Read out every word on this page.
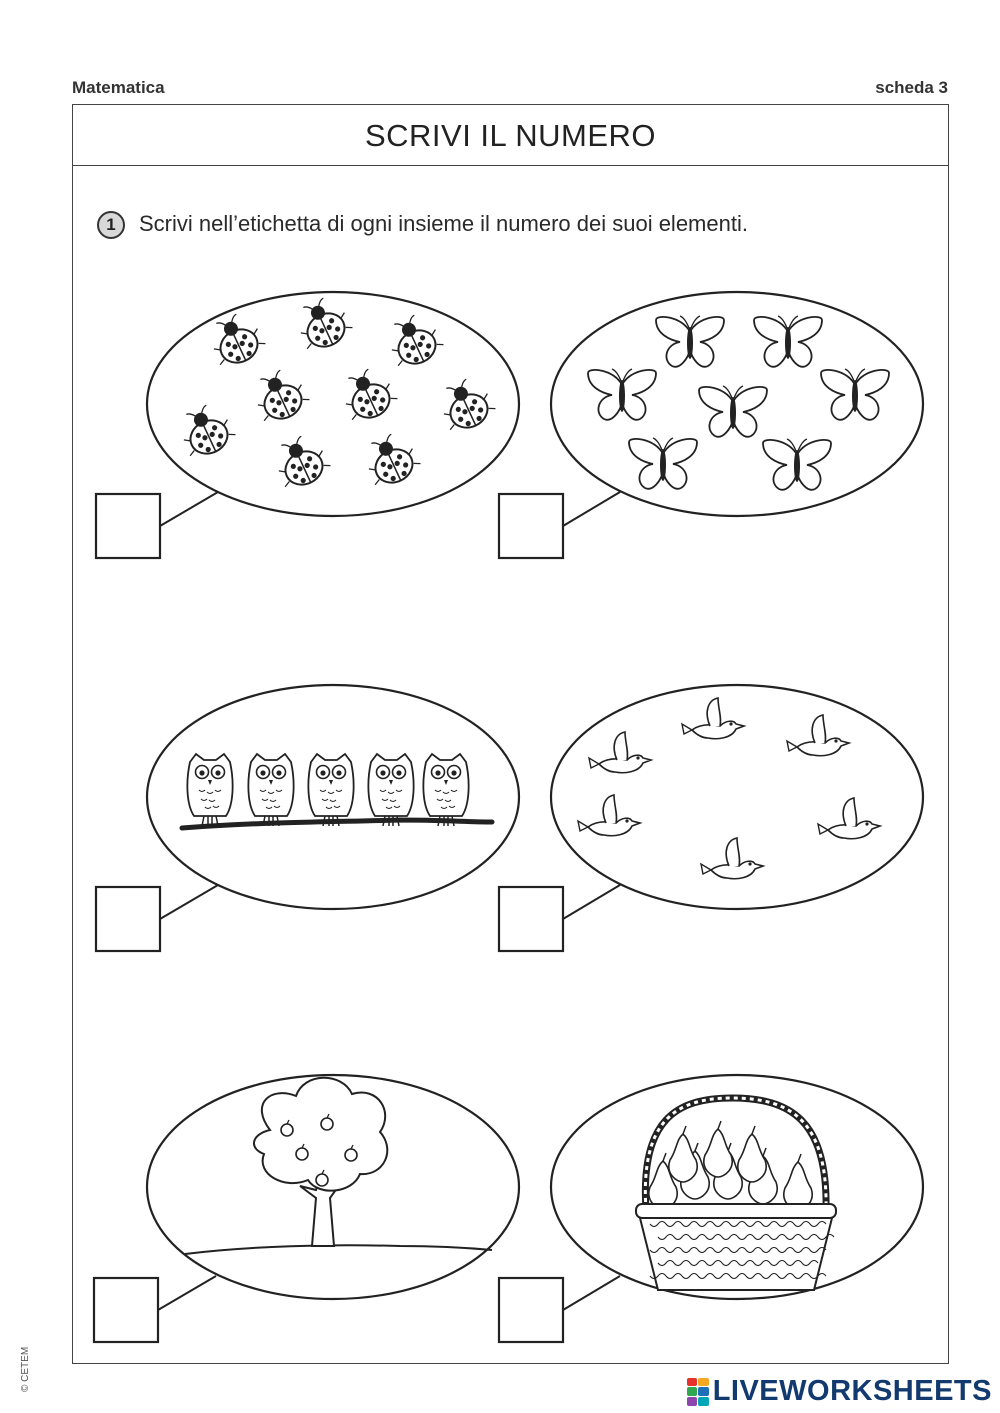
Matematica	scheda 3
SCRIVI IL NUMERO
1	Scrivi nell’etichetta di ogni insieme il numero dei suoi elementi.
© CETEM	LIVEWORKSHEETS
